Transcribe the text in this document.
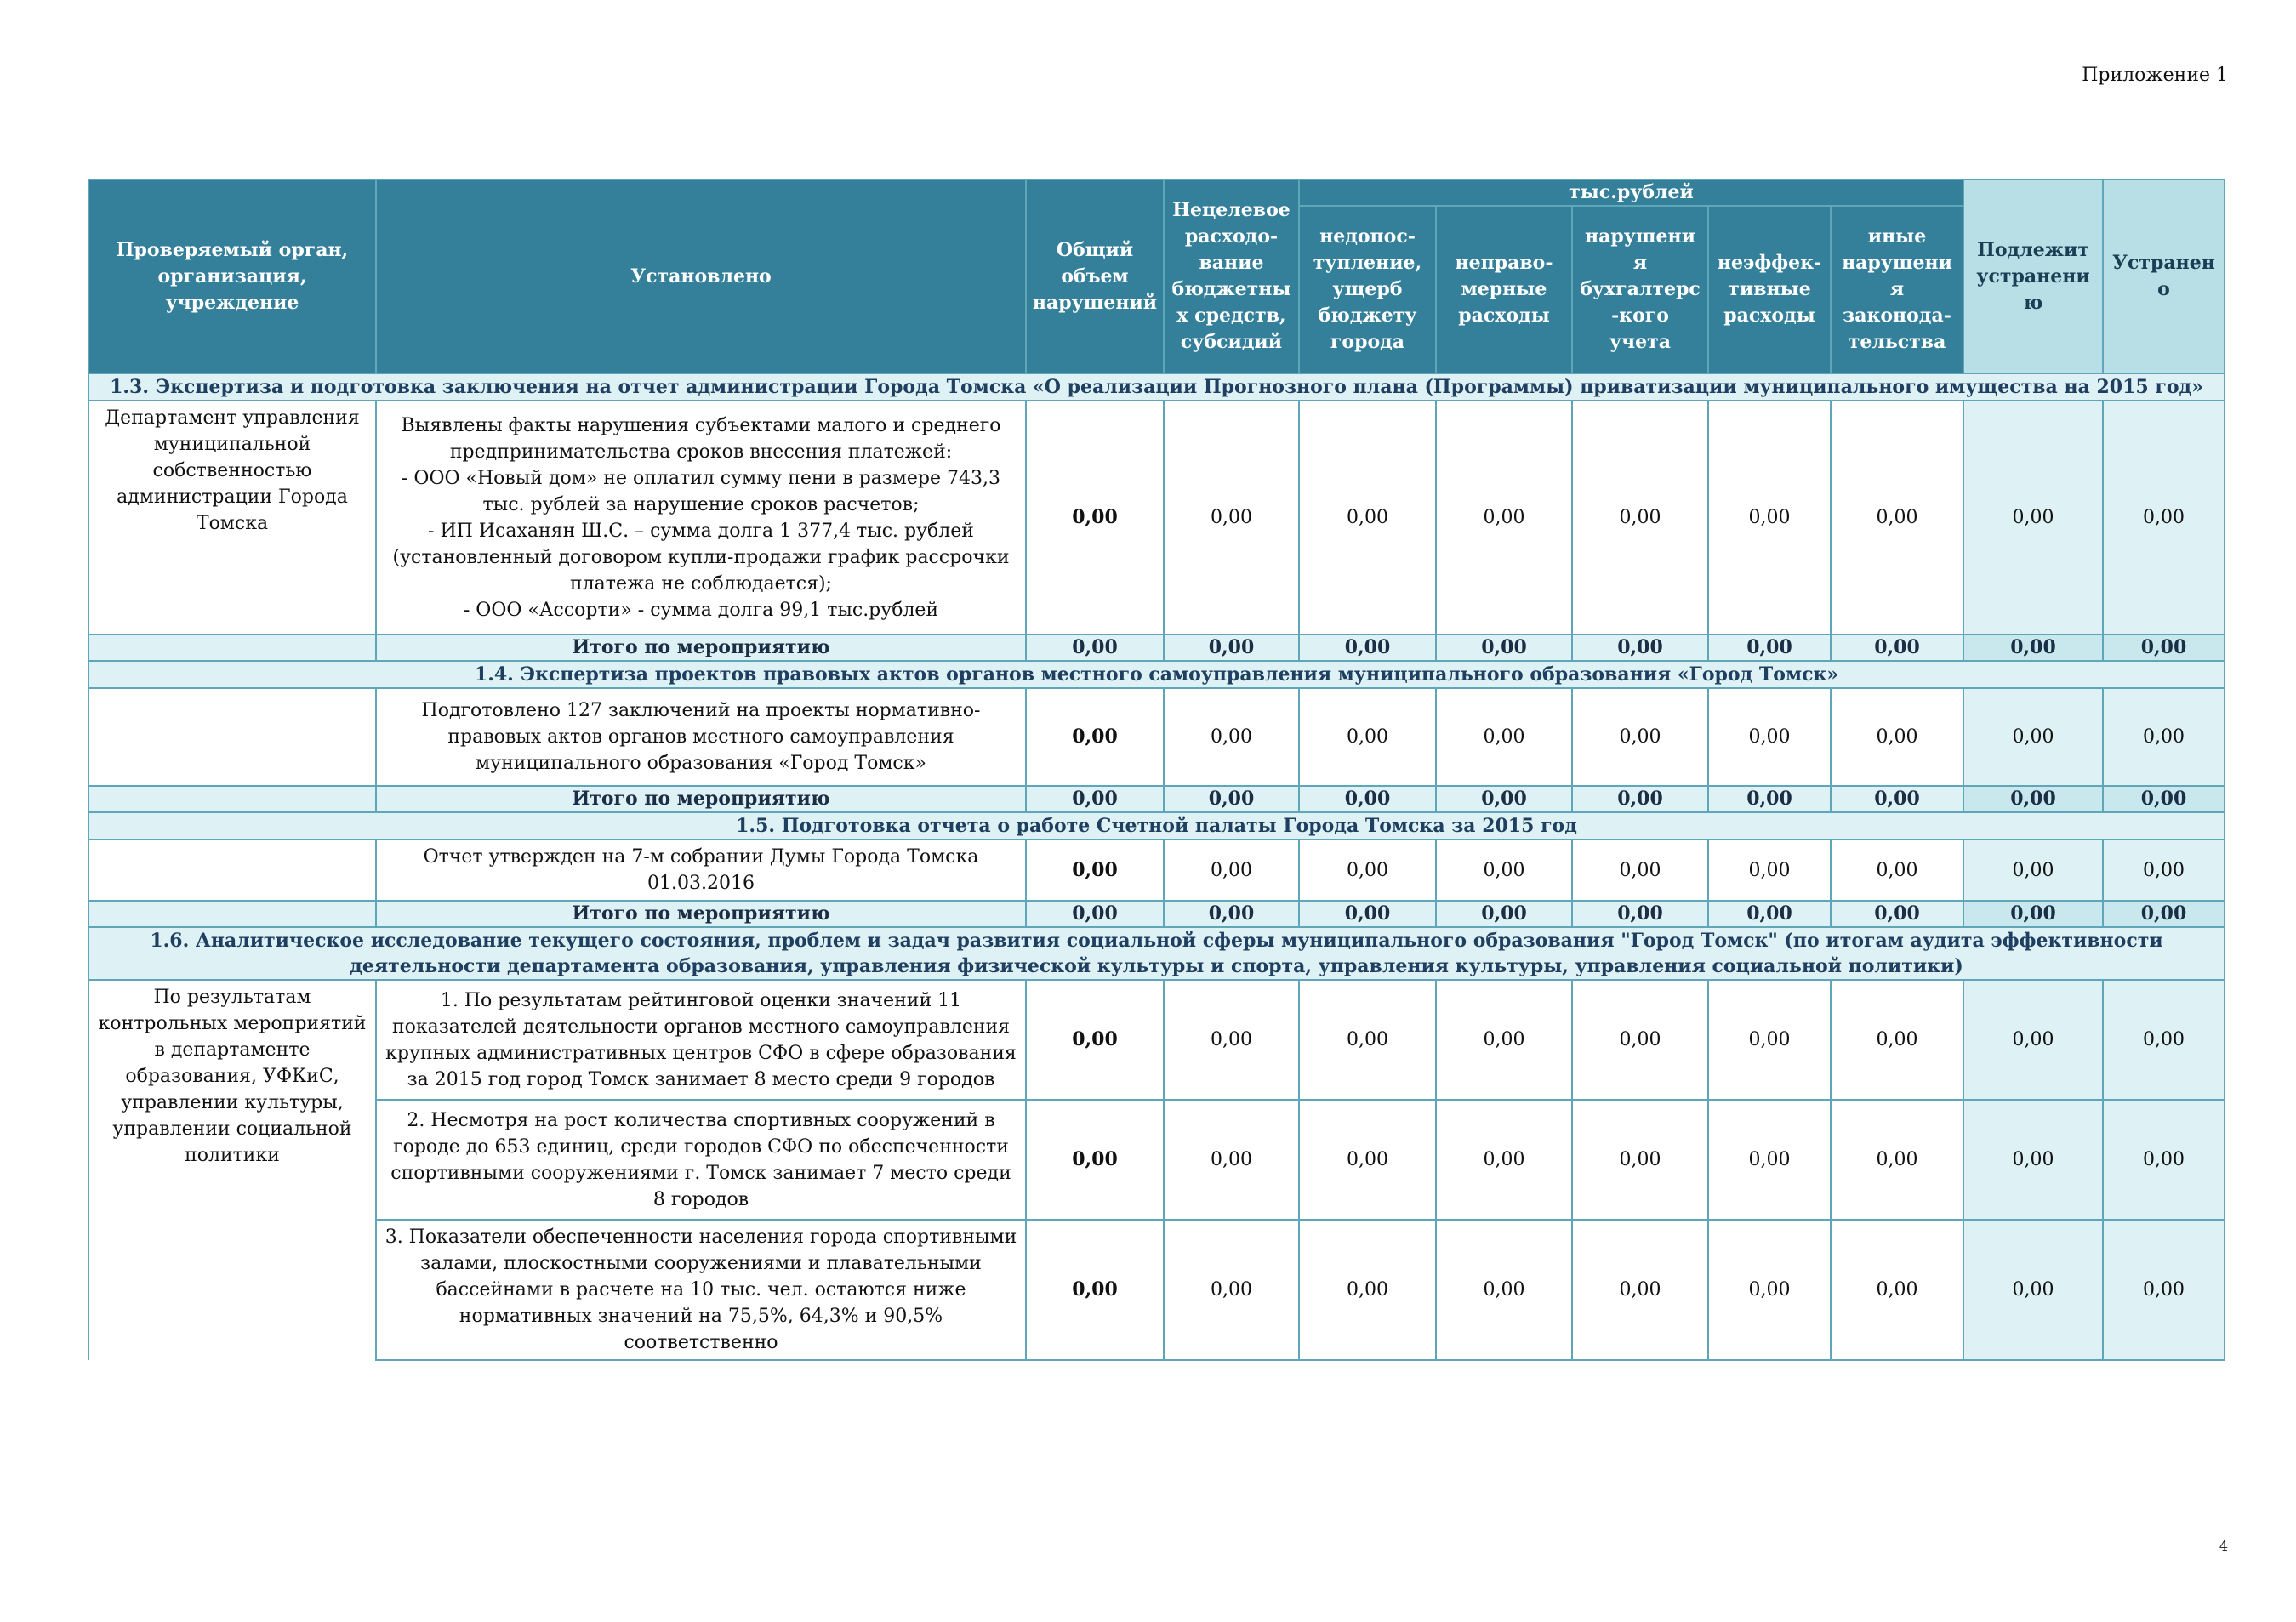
Приложение 1
Проверяемый орган, организация, учреждение	Установлено	Общий объем нарушений	Нецелевое расходо-вание бюджетных средств, субсидий	тыс.рублей					Подлежит устранению	Устранено
				недопос-тупление, ущерб бюджету города	неправо-мерные расходы	нарушения бухгалтерс-кого учета	неэффек-тивные расходы	иные нарушения законода-тельства		
1.3. Экспертиза и подготовка заключения на отчет администрации Города Томска «О реализации Прогнозного плана (Программы) приватизации муниципального имущества на 2015 год»										
Департамент управления муниципальной собственностью администрации Города Томска	Выявлены факты нарушения субъектами малого и среднего предпринимательства сроков внесения платежей:
- ООО «Новый дом» не оплатил сумму пени в размере 743,3 тыс. рублей за нарушение сроков расчетов;
- ИП Исаханян Ш.С. – сумма долга 1 377,4 тыс. рублей (установленный договором купли-продажи график рассрочки платежа не соблюдается);
- ООО «Ассорти» - сумма долга 99,1 тыс.рублей	0,00	0,00	0,00	0,00	0,00	0,00	0,00	0,00	0,00
	Итого по мероприятию	0,00	0,00	0,00	0,00	0,00	0,00	0,00	0,00	0,00
1.4. Экспертиза проектов правовых актов органов местного самоуправления муниципального образования «Город Томск»										
	Подготовлено 127 заключений на проекты нормативно-правовых актов органов местного самоуправления муниципального образования «Город Томск»	0,00	0,00	0,00	0,00	0,00	0,00	0,00	0,00	0,00
	Итого по мероприятию	0,00	0,00	0,00	0,00	0,00	0,00	0,00	0,00	0,00
1.5. Подготовка отчета о работе Счетной палаты Города Томска за 2015 год										
	Отчет утвержден на 7-м собрании Думы Города Томска 01.03.2016	0,00	0,00	0,00	0,00	0,00	0,00	0,00	0,00	0,00
	Итого по мероприятию	0,00	0,00	0,00	0,00	0,00	0,00	0,00	0,00	0,00
1.6. Аналитическое исследование текущего состояния, проблем и задач развития социальной сферы муниципального образования "Город Томск" (по итогам аудита эффективности деятельности департамента образования, управления физической культуры и спорта, управления культуры, управления социальной политики)										
По результатам контрольных мероприятий в департаменте образования, УФКиС, управлении культуры, управлении социальной политики	1. По результатам рейтинговой оценки значений 11 показателей деятельности органов местного самоуправления крупных административных центров СФО в сфере образования за 2015 год город Томск занимает 8 место среди 9 городов	0,00	0,00	0,00	0,00	0,00	0,00	0,00	0,00	0,00
	2. Несмотря на рост количества спортивных сооружений в городе до 653 единиц, среди городов СФО по обеспеченности спортивными сооружениями г. Томск занимает 7 место среди 8 городов	0,00	0,00	0,00	0,00	0,00	0,00	0,00	0,00	0,00
	3. Показатели обеспеченности населения города спортивными залами, плоскостными сооружениями и плавательными бассейнами в расчете на 10 тыс. чел. остаются ниже нормативных значений на 75,5%, 64,3% и 90,5% соответственно	0,00	0,00	0,00	0,00	0,00	0,00	0,00	0,00	0,00
4
